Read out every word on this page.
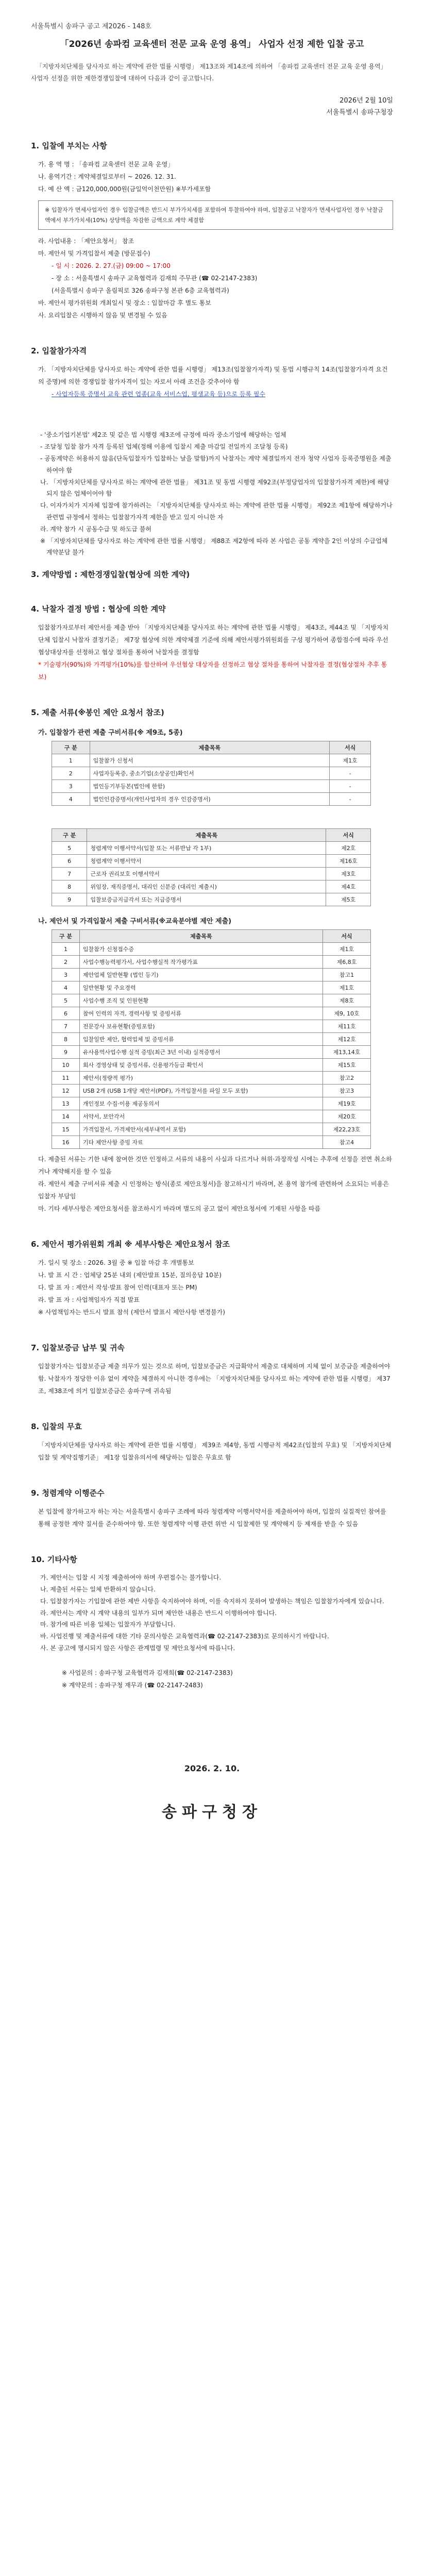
서울특별시 송파구 공고 제2026 - 148호
「2026년 송파컴 교육센터 전문 교육 운영 용역」 사업자 선정 제한 입찰 공고
「지방자치단체를 당사자로 하는 계약에 관한 법률 시행령」 제13조와 제14조에 의하여 「송파컴 교육센터 전문 교육 운영 용역」 사업자 선정을 위한 제한경쟁입찰에 대하여 다음과 같이 공고합니다.
2026년 2월 10일
서울특별시 송파구청장
1. 입찰에 부치는 사항
가. 용 역 명 : 「송파컴 교육센터 전문 교육 운영」
나. 용역기간 : 계약체결일로부터 ~ 2026. 12. 31.
다. 예 산 액 : 금120,000,000원(금일억이천만원) ※부가세포함
※ 입찰자가 면세사업자인 경우 입찰금액은 반드시 부가가치세를 포함하여 투찰하여야 하며, 입찰공고 낙찰자가 면세사업자인 경우 낙찰금액에서 부가가치세(10%) 상당액을 차감한 금액으로 계약 체결함
라. 사업내용 : 「제안요청서」 참조
마. 제안서 및 가격입찰서 제출 (방문접수)
- 일 시 : 2026. 2. 27.(금) 09:00 ~ 17:00
- 장 소 : 서울특별시 송파구 교육협력과 김재희 주무관 (☎ 02-2147-2383)
(서울특별시 송파구 올림픽로 326 송파구청 본관 6층 교육협력과)
바. 제안서 평가위원회 개최일시 및 장소 : 입찰마감 후 별도 통보
사. 요리입찰은 시행하지 않음 및 변경될 수 있음
2. 입찰참가자격
가. 「지방자치단체를 당사자로 하는 계약에 관한 법률 시행령」 제13조(입찰참가자격) 및 동법 시행규칙 14조(입찰참가자격 요건의 증명)에 의한 경쟁입찰 참가자격이 있는 자로서 아래 조건을 갖추어야 함
- 사업자등록 증명서 교육 관련 업종(교육 서비스업, 평생교육 등)으로 등록 필수
- '중소기업기본법' 제2조 및 같은 법 시행령 제3조에 규정에 따라 중소기업에 해당하는 업체
- 조달청 입찰 참가 자격 등록된 업체(정해 이용에 입찰시 제출 마감일 전일까지 조달청 등록)
- 공동계약은 허용하지 않음(단독입찰자가 입찰하는 날을 말함)까지 낙찰자는 계약 체결일까지 전자 청약 사업자 등록증명원을 제출하여야 함
나. 「지방자치단체를 당사자로 하는 계약에 관한 법률」 제31조 및 동법 시행령 제92조(부정당업자의 입찰참가자격 제한)에 해당되지 않은 업체이어야 함
다. 이자가치가 지자체 입찰에 참가하려는 「지방자치단체를 당사자로 하는 계약에 관한 법률 시행령」 제92조 제1항에 해당하거나 관련법 규정에서 정하는 입찰참가자격 제한을 받고 있지 아니한 자
라. 계약 참가 시 공동수급 및 하도급 불허
※ 「지방자치단체를 당사자로 하는 계약에 관한 법률 시행령」 제88조 제2항에 따라 본 사업은 공동 계약을 2인 이상의 수급업체 계약분담 불가
3. 계약방법 : 제한경쟁입찰(협상에 의한 계약)
4. 낙찰자 결정 방법 : 협상에 의한 계약
입찰참가자로부터 제안서를 제출 받아 「지방자치단체를 당사자로 하는 계약에 관한 법률 시행령」 제43조, 제44조 및 「지방자치단체 입찰시 낙찰자 결정기준」 제7장 협상에 의한 계약체결 기준에 의해 제안서평가위원회를 구성 평가하여 종합점수에 따라 우선협상대상자를 선정하고 협상 절차를 통하여 낙찰자를 결정함
* 기술평가(90%)와 가격평가(10%)를 합산하여 우선협상 대상자를 선정하고 협상 절차를 통하여 낙찰자를 결정(협상절차 추후 통보)
5. 제출 서류(※봉인 제안 요청서 참조)
가. 입찰참가 관련 제출 구비서류(※ 제9조, 5종)
구 분	제출목록	서식
1	입찰참가 신청서	제1호
2	사업자등록증, 중소기업(소상공인)확인서	-
3	법인등기부등본(법인에 한함)	-
4	법인인감증명서(개인사업자의 경우 인감증명서)	-
구 분	제출목록	서식
5	청렴계약 이행서약서(입찰 또는 서류반납 각 1부)	제2호
6	청렴계약 이행서약서	제16호
7	근로자 권리보호 이행서약서	제3호
8	위임장, 재직증명서, 대리인 신분증 (대리인 제출시)	제4호
9	입찰보증금지급각서 또는 지급증명서	제5호
나. 제안서 및 가격입찰서 제출 구비서류(※교육분야별 제안 제출)
구 분	제출목록	서식
1	입찰참가 신청접수증	제1호
2	사업수행능력평가서, 사업수행실적 작가평가표	제6,8호
3	제안업체 일반현황 (법인 등기)	참고1
4	일반현황 및 주요경력	제1호
5	사업수행 조직 및 인원현황	제8호
6	참여 인력의 자격, 경력사항 및 증빙서류	제9, 10호
7	전문강사 보유현황(증빙포함)	제11호
8	입찰일반 제안, 협력업체 및 증빙서류	제12호
9	유사용역사업수행 실적 증빙(최근 3년 이내) 실적증명서	제13,14호
10	회사 경영상태 및 증빙서류, 신용평가등급 확인서	제15호
11	제안서(정량적 평가)	참고2
12	USB 2개 (USB 1개당 제안서(PDF), 가격입찰서를 파일 모두 포함)	참고3
13	개인정보 수집·이용 제공동의서	제19호
14	서약서, 보안각서	제20호
15	가격입찰서, 가격제안서(세부내역서 포함)	제22,23호
16	기타 제안사항 증빙 자료	참고4
다. 제출된 서류는 기한 내에 참여한 것만 인정하고 서류의 내용이 사실과 다르거나 허위·과장작성 시에는 추후에 선정을 전면 취소하거나 계약해지를 할 수 있음
라. 제안서 제출 구비서류 제출 시 인정하는 방식(종로 제안요청서)을 참고하시기 바라며, 본 용역 참가에 관련하여 소요되는 비용은 입찰자 부담임
마. 기타 세부사항은 제안요청서를 참조하시기 바라며 별도의 공고 없이 제안요청서에 기재된 사항을 따름
6. 제안서 평가위원회 개최 ※ 세부사항은 제안요청서 참조
가. 일시 및 장소 : 2026. 3월 중 ※ 입찰 마감 후 개별통보
나. 발 표 시 간 : 업체당 25분 내외 (제안발표 15분, 질의응답 10분)
다. 발 표 자 : 제안서 작성·발표 참여 인력(대표자 또는 PM)
라. 발 표 자 : 사업책임자가 직접 발표
※ 사업책임자는 반드시 발표 참석 (제안서 발표시 제안사항 변경불가)
7. 입찰보증금 납부 및 귀속
입찰참가자는 입찰보증금 제출 의무가 있는 것으로 하며, 입찰보증금은 지급확약서 제출로 대체하며 지체 없이 보증금을 제출하여야 함. 낙찰자가 정당한 이유 없이 계약을 체결하지 아니한 경우에는 「지방자치단체를 당사자로 하는 계약에 관한 법률 시행령」 제37조, 제38조에 의거 입찰보증금은 송파구에 귀속됨
8. 입찰의 무효
「지방자치단체를 당사자로 하는 계약에 관한 법률 시행령」 제39조 제4항, 동법 시행규칙 제42조(입찰의 무효) 및 「지방자치단체 입찰 및 계약집행기준」 제1장 입찰유의서에 해당하는 입찰은 무효로 함
9. 청렴계약 이행준수
본 입찰에 참가하고자 하는 자는 서울특별시 송파구 조례에 따라 청렴계약 이행서약서를 제출하여야 하며, 입찰의 실질적인 참여를 통해 공정한 계약 질서를 준수하여야 함. 또한 청렴계약 이행 관련 위반 시 입찰제한 및 계약해지 등 제재를 받을 수 있음
10. 기타사항
가. 제안서는 입찰 시 지정 제출하여야 하며 우편접수는 불가합니다.
나. 제출된 서류는 일체 반환하지 않습니다.
다. 입찰참가자는 기입찰에 관한 제반 사항을 숙지하여야 하며, 이를 숙지하지 못하여 발생하는 책임은 입찰참가자에게 있습니다.
라. 제안서는 계약 시 계약 내용의 일부가 되며 제안한 내용은 반드시 이행하여야 합니다.
마. 참가에 따른 비용 일체는 입찰자가 부담합니다.
바. 사업진행 및 제출서류에 대한 기타 문의사항은 교육협력과(☎ 02-2147-2383)로 문의하시기 바랍니다.
사. 본 공고에 명시되지 않은 사항은 관계법령 및 제안요청서에 따릅니다.
※ 사업문의 : 송파구청 교육협력과 김재희(☎ 02-2147-2383)
※ 계약문의 : 송파구청 재무과 (☎ 02-2147-2483)
2026. 2. 10.
송파구청장
